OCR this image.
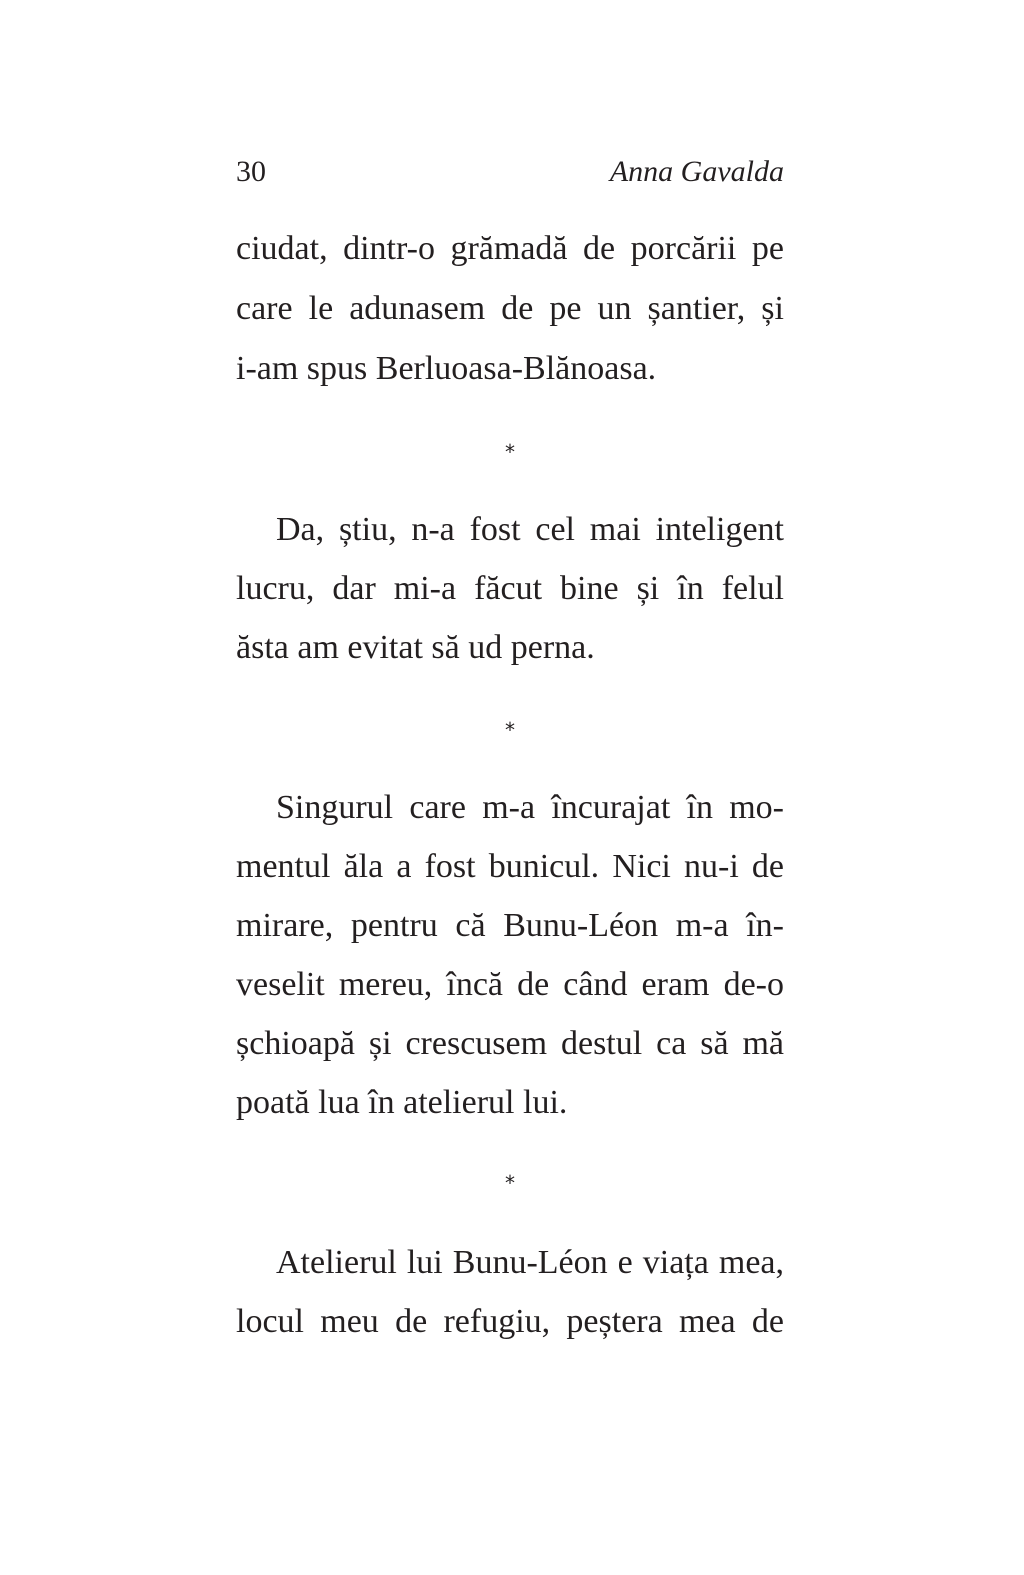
30	Anna Gavalda
ciudat, dintr-o grămadă de porcării pe
care le adunasem de pe un șantier, și
i-am spus Berluoasa-Blănoasa.
*
Da, știu, n-a fost cel mai inteligent
lucru, dar mi-a făcut bine și în felul
ăsta am evitat să ud perna.
*
Singurul care m-a încurajat în mo-
mentul ăla a fost bunicul. Nici nu-i de
mirare, pentru că Bunu-Léon m-a în-
veselit mereu, încă de când eram de-o
șchioapă și crescusem destul ca să mă
poată lua în atelierul lui.
*
Atelierul lui Bunu-Léon e viața mea,
locul meu de refugiu, peștera mea de
